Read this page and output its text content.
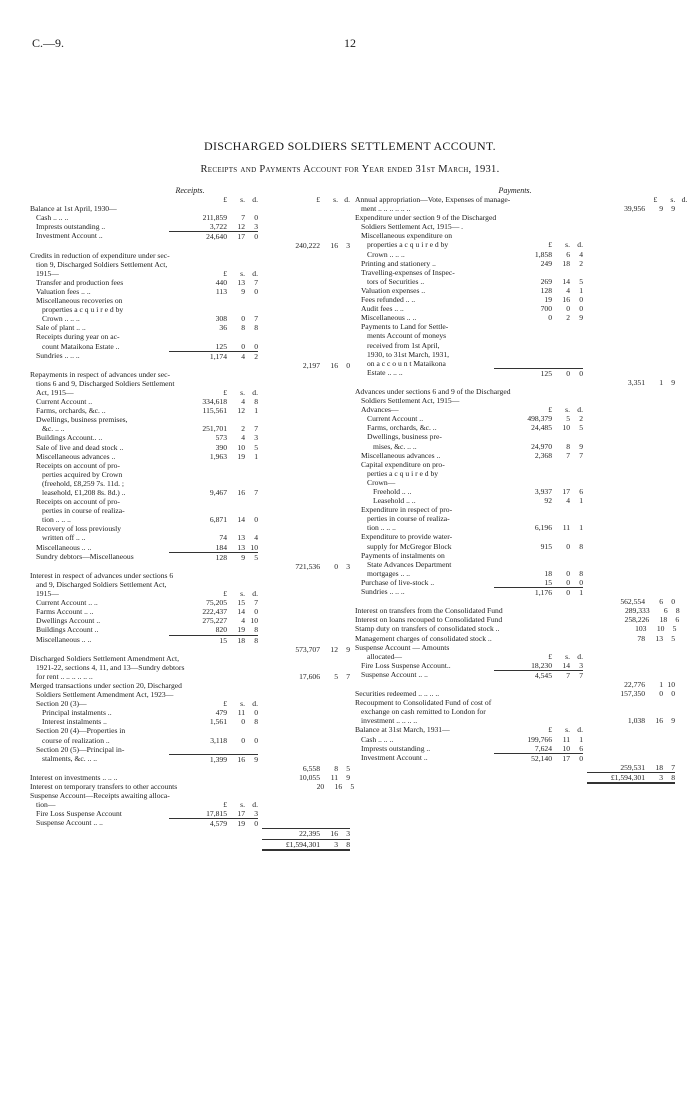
C.—9.	12
DISCHARGED SOLDIERS SETTLEMENT ACCOUNT.
Receipts and Payments Account for Year ended 31st March, 1931.
Receipts.
£	s. d.	£	s. d.
Balance at 1st April, 1930—
Cash .. .. ..	211,859	7	0
Imprests outstanding ..	3,722	12	3
Investment Account ..	24,640	17	0
240,222	16	3
Credits in reduction of expenditure under sec-
tion 9, Discharged Soldiers Settlement Act,
1915—	£	s. d.
Transfer and production fees	440	13	7
Valuation fees .. ..	113	9	0
Miscellaneous recoveries on
properties a c q u i r e d by
Crown .. .. ..	308	0	7
Sale of plant .. ..	36	8	8
Receipts during year on ac-
count Mataikona Estate ..	125	0	0
Sundries .. .. ..	1,174	4	2
2,197	16	0
Repayments in respect of advances under sec-
tions 6 and 9, Discharged Soldiers Settlement
Act, 1915—	£	s. d.
Current Account ..	334,618	4	8
Farms, orchards, &c. ..	115,561	12	1
Dwellings, business premises,
&c. .. ..	251,701	2	7
Buildings Account.. ..	573	4	3
Sale of live and dead stock ..	390	10	5
Miscellaneous advances ..	1,963	19	1
Receipts on account of pro-
perties acquired by Crown
(freehold, £8,259 7s. 11d. ;
leasehold, £1,208 8s. 8d.) ..	9,467	16	7
Receipts on account of pro-
perties in course of realiza-
tion .. .. ..	6,871	14	0
Recovery of loss previously
written off .. ..	74	13	4
Miscellaneous .. ..	184	13 10
Sundry debtors—Miscellaneous	128	9	5
721,536	0	3
Interest in respect of advances under sections 6
and 9, Discharged Soldiers Settlement Act,
1915—	£	s. d.
Current Account .. ..	75,205	15	7
Farms Account .. ..	222,437	14	0
Dwellings Account ..	275,227	4 10
Buildings Account ..	820	19	8
Miscellaneous .. ..	15	18	8
573,707	12	9
Discharged Soldiers Settlement Amendment Act,
1921-22, sections 4, 11, and 13—Sundry debtors
for rent .. .. .. .. .. ..	17,606	5	7
Merged transactions under section 20, Discharged
Soldiers Settlement Amendment Act, 1923—
Section 20 (3)—	£	s. d.
Principal instalments ..	479	11	0
Interest instalments ..	1,561	0	8
Section 20 (4)—Properties in
course of realization ..	3,118	0	0
Section 20 (5)—Principal in-
stalments, &c. .. ..	1,399	16	9
6,558	8	5
Interest on investments .. .. ..	10,055	11	9
Interest on temporary transfers to other accounts	20	16	5
Suspense Account—Receipts awaiting alloca-
tion—	£	s. d.
Fire Loss Suspense Account	17,815	17	3
Suspense Account .. ..	4,579	19	0
22,395	16	3
£1,594,301	3	8
Payments.
Annual appropriation—Vote, Expenses of manage-	£	s. d.
ment .. .. .. .. .. ..	39,956	9	9
Expenditure under section 9 of the Discharged
Soldiers Settlement Act, 1915— .
Miscellaneous expenditure on
properties a c q u i r e d by	£	s. d.
Crown .. .. ..	1,858	6	4
Printing and stationery ..	249	18	2
Travelling-expenses of Inspec-
tors of Securities ..	269	14	5
Valuation expenses ..	128	4	1
Fees refunded .. ..	19	16	0
Audit fees .. ..	700	0	0
Miscellaneous .. ..	0	2	9
Payments to Land for Settle-
ments Account of moneys
received from 1st April,
1930, to 31st March, 1931,
on a c c o u n t Mataikona
Estate .. .. ..	125	0	0
3,351	1	9
Advances under sections 6 and 9 of the Discharged
Soldiers Settlement Act, 1915—
Advances—	£	s. d.
Current Account ..	498,379	5	2
Farms, orchards, &c. ..	24,485	10	5
Dwellings, business pre-
mises, &c. .. ..	24,970	8	9
Miscellaneous advances ..	2,368	7	7
Capital expenditure on pro-
perties a c q u i r e d by
Crown—
Freehold .. ..	3,937	17	6
Leasehold .. ..	92	4	1
Expenditure in respect of pro-
perties in course of realiza-
tion .. .. ..	6,196	11	1
Expenditure to provide water-
supply for McGregor Block	915	0	8
Payments of instalments on
State Advances Department
mortgages .. ..	18	0	8
Purchase of live-stock ..	15	0	0
Sundries .. .. ..	1,176	0	1
562,554	6	0
Interest on transfers from the Consolidated Fund	289,333	6	8
Interest on loans recouped to Consolidated Fund	258,226	18	6
Stamp duty on transfers of consolidated stock ..	103	10	5
Management charges of consolidated stock ..	78	13	5
Suspense Account — Amounts
allocated—	£	s. d.
Fire Loss Suspense Account..	18,230	14	3
Suspense Account .. ..	4,545	7	7
22,776	1 10
Securities redeemed .. .. .. ..	157,350	0	0
Recoupment to Consolidated Fund of cost of
exchange on cash remitted to London for
investment .. .. .. ..	1,038	16	9
Balance at 31st March, 1931—	£	s. d.
Cash .. .. ..	199,766	11	1
Imprests outstanding ..	7,624	10	6
Investment Account ..	52,140	17	0
259,531	18	7
£1,594,301	3	8
